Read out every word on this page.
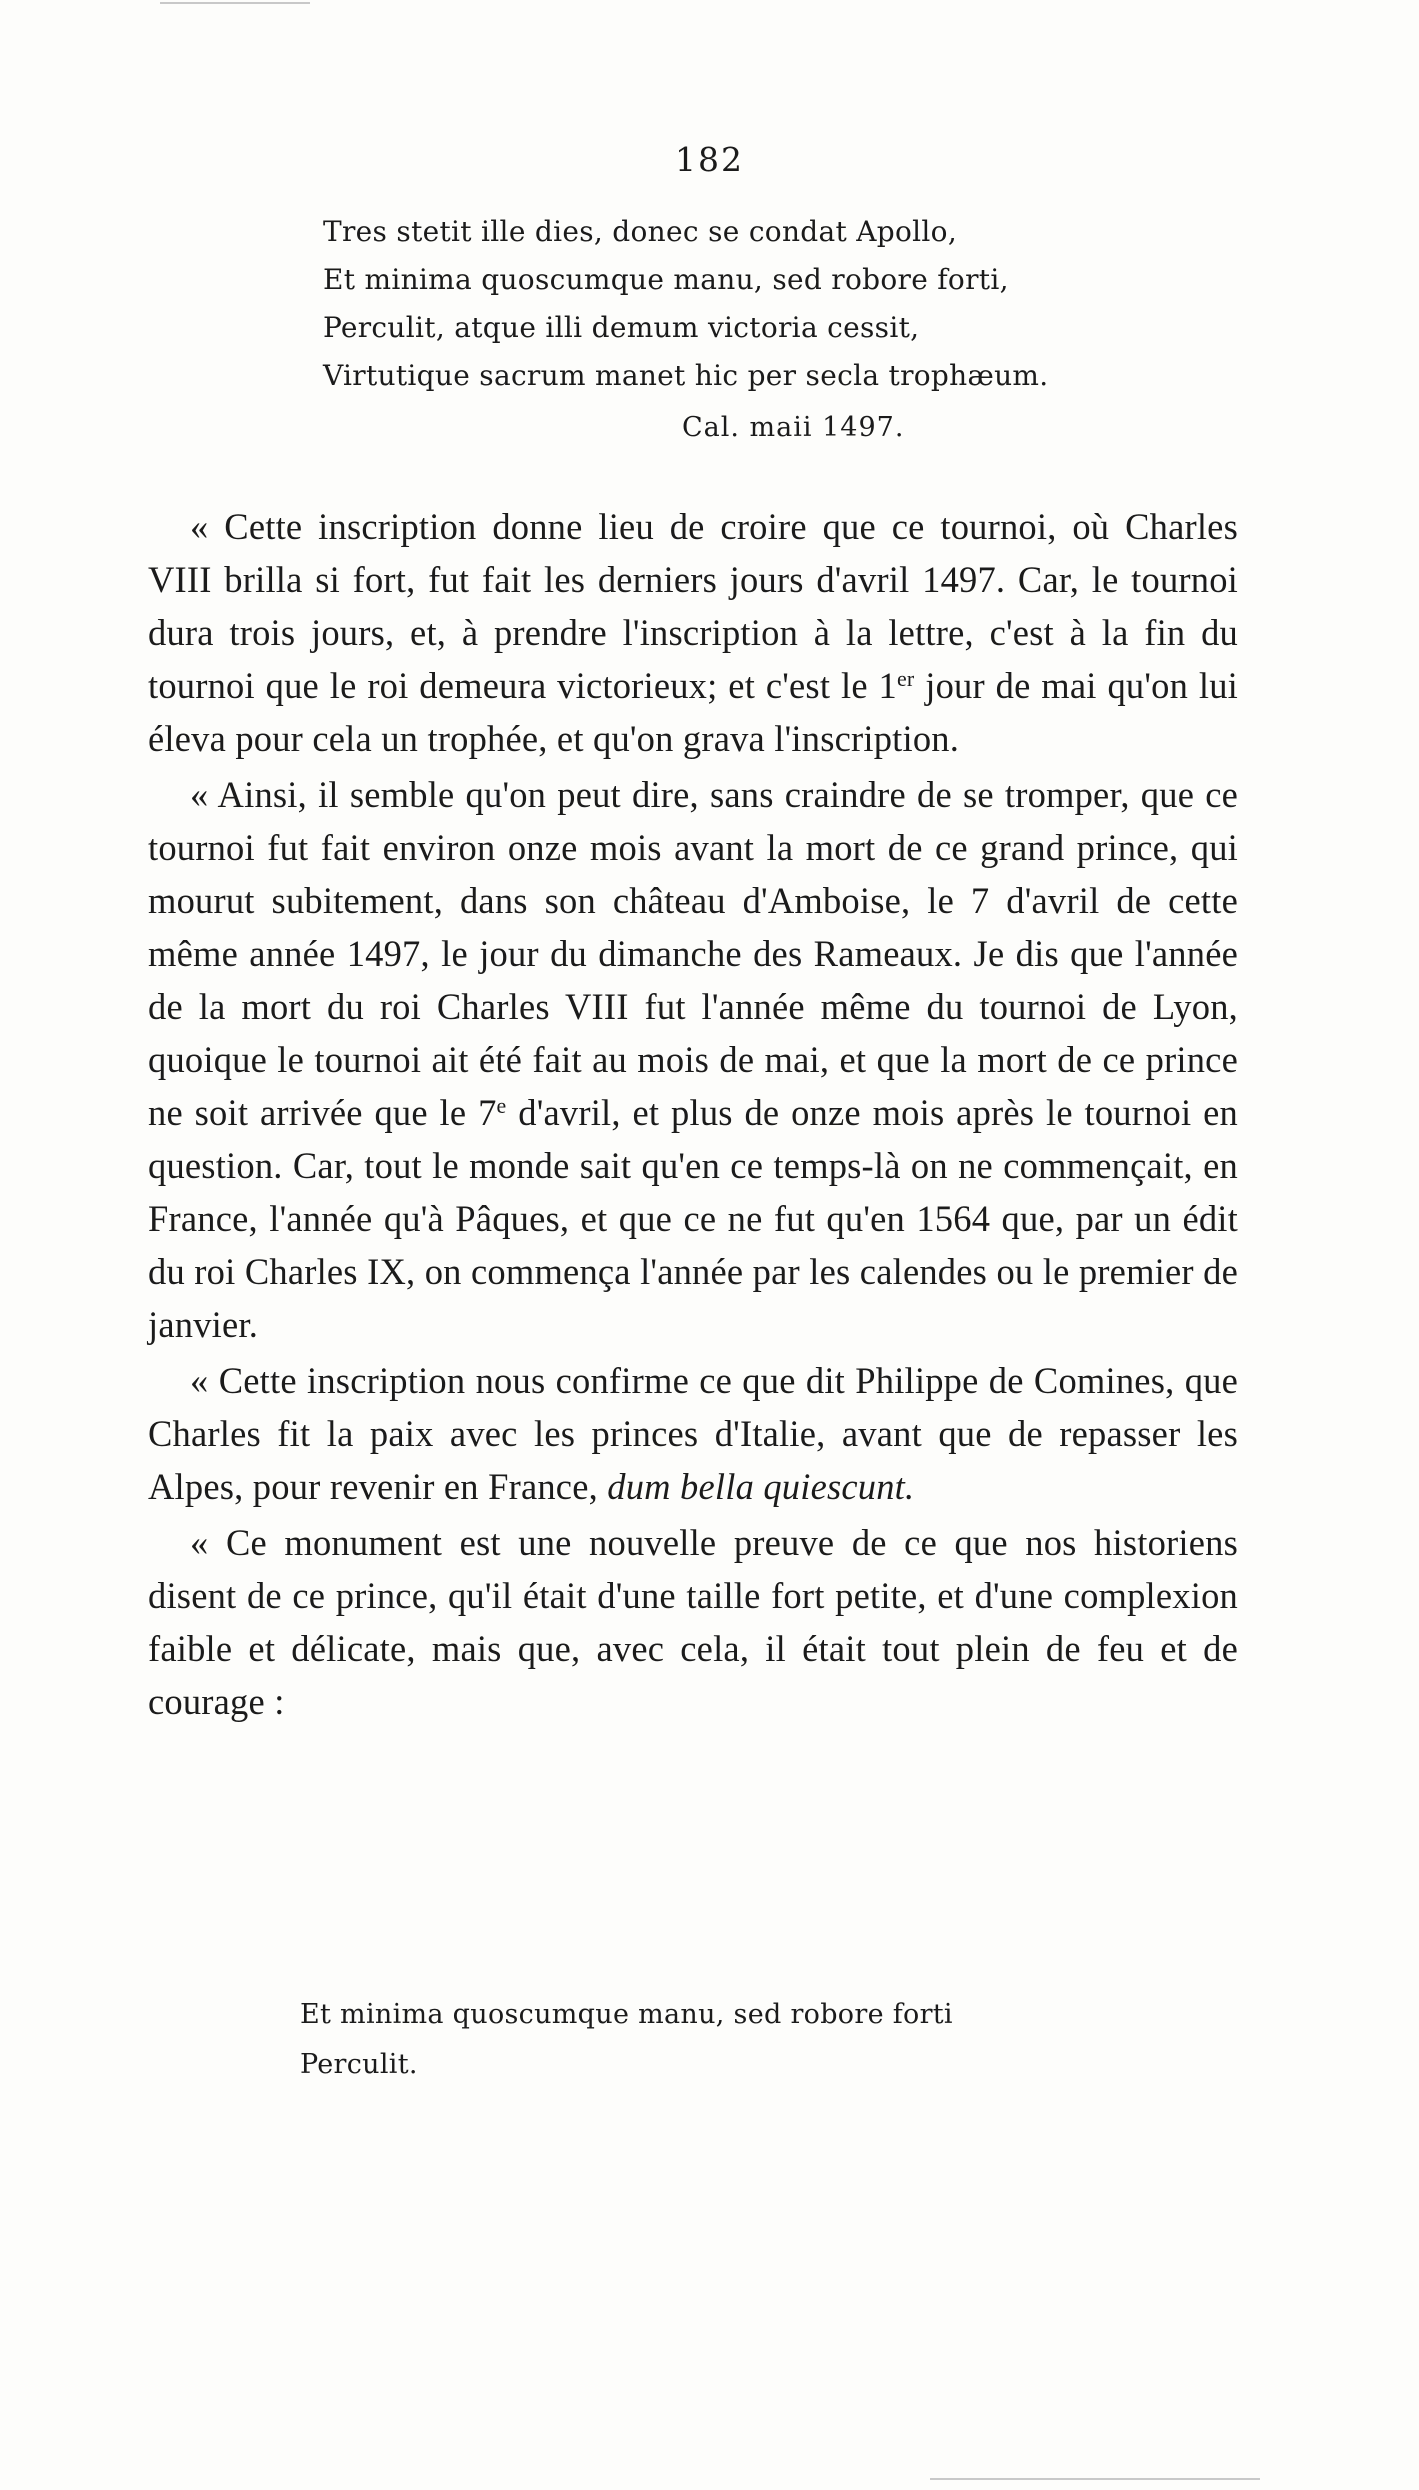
182
Tres stetit ille dies, donec se condat Apollo,
Et minima quoscumque manu, sed robore forti,
Perculit, atque illi demum victoria cessit,
Virtutique sacrum manet hic per secla trophæum.
Cal. maii 1497.

« Cette inscription donne lieu de croire que ce tournoi, où Charles VIII brilla si fort, fut fait les derniers jours d'avril 1497. Car, le tournoi dura trois jours, et, à prendre l'inscription à la lettre, c'est à la fin du tournoi que le roi demeura victorieux; et c'est le 1er jour de mai qu'on lui éleva pour cela un trophée, et qu'on grava l'inscription.

« Ainsi, il semble qu'on peut dire, sans craindre de se tromper, que ce tournoi fut fait environ onze mois avant la mort de ce grand prince, qui mourut subitement, dans son château d'Amboise, le 7 d'avril de cette même année 1497, le jour du dimanche des Rameaux. Je dis que l'année de la mort du roi Charles VIII fut l'année même du tournoi de Lyon, quoique le tournoi ait été fait au mois de mai, et que la mort de ce prince ne soit arrivée que le 7e d'avril, et plus de onze mois après le tournoi en question. Car, tout le monde sait qu'en ce temps-là on ne commençait, en France, l'année qu'à Pâques, et que ce ne fut qu'en 1564 que, par un édit du roi Charles IX, on commença l'année par les calendes ou le premier de janvier.

« Cette inscription nous confirme ce que dit Philippe de Comines, que Charles fit la paix avec les princes d'Italie, avant que de repasser les Alpes, pour revenir en France, dum bella quiescunt.

« Ce monument est une nouvelle preuve de ce que nos historiens disent de ce prince, qu'il était d'une taille fort petite, et d'une complexion faible et délicate, mais que, avec cela, il était tout plein de feu et de courage :

Et minima quoscumque manu, sed robore forti
Perculit.
